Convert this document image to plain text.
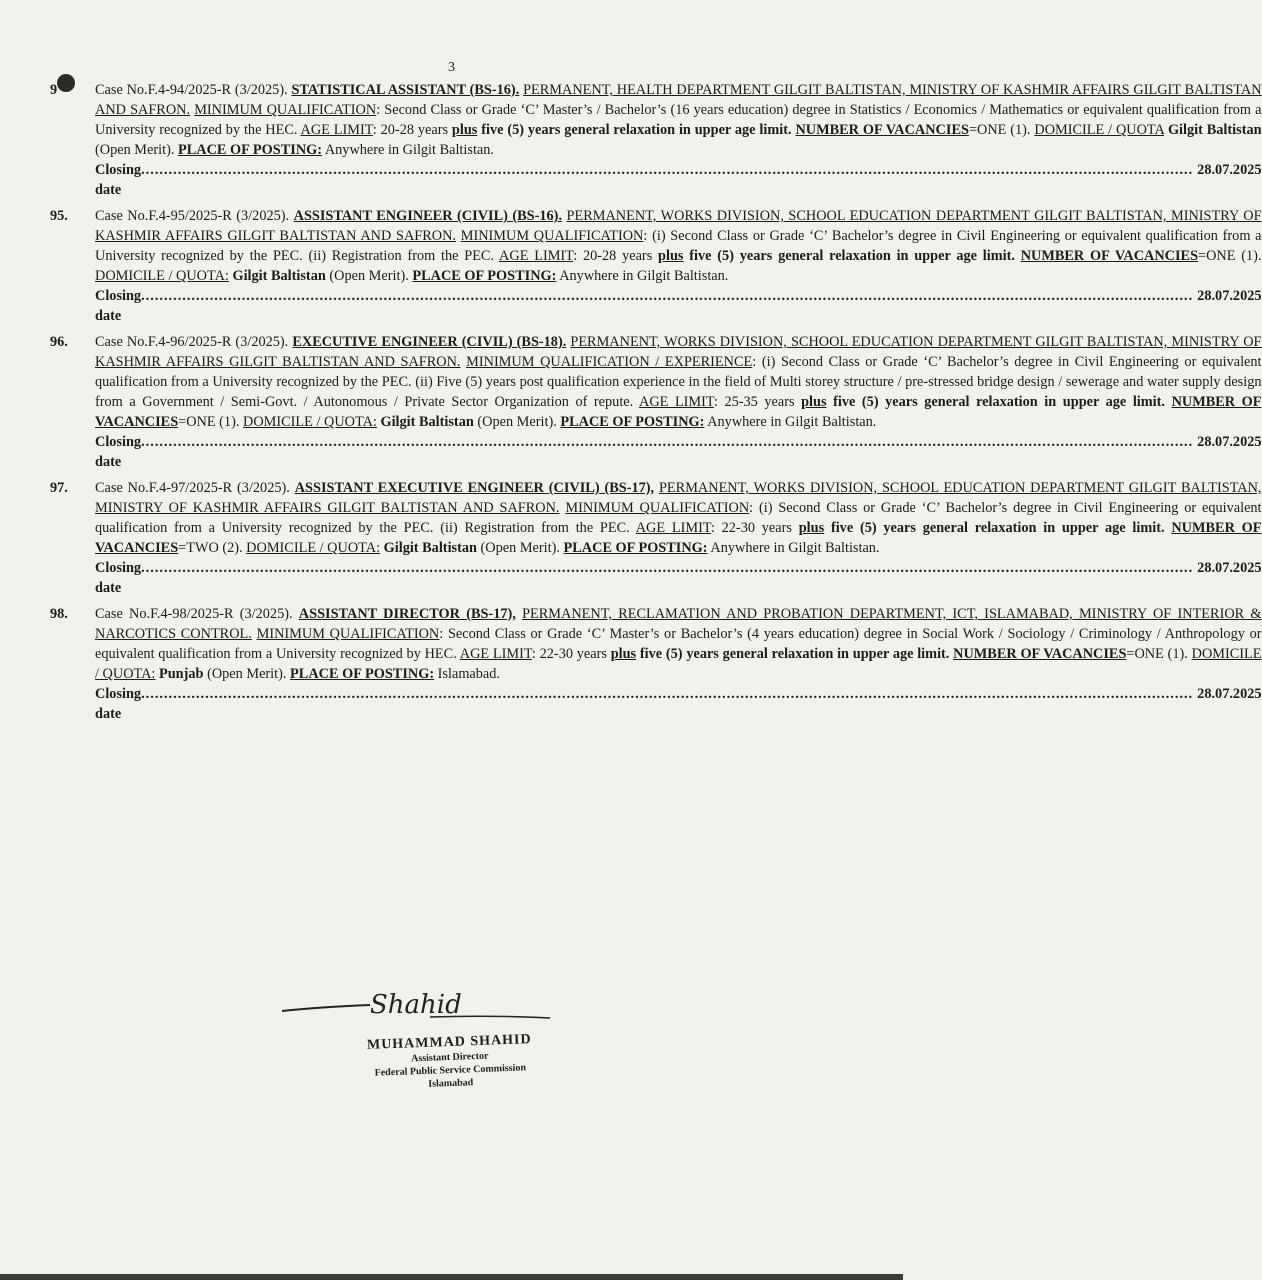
3
9	Case No.F.4-94/2025-R (3/2025). STATISTICAL ASSISTANT (BS-16). PERMANENT, HEALTH DEPARTMENT GILGIT BALTISTAN, MINISTRY OF KASHMIR AFFAIRS GILGIT BALTISTAN AND SAFRON. MINIMUM QUALIFICATION: Second Class or Grade ‘C’ Master’s / Bachelor’s (16 years education) degree in Statistics / Economics / Mathematics or equivalent qualification from a University recognized by the HEC. AGE LIMIT: 20-28 years plus five (5) years general relaxation in upper age limit. NUMBER OF VACANCIES=ONE (1). DOMICILE / QUOTA Gilgit Baltistan (Open Merit). PLACE OF POSTING: Anywhere in Gilgit Baltistan.
Closing date
.....
28.07.2025
95.	Case No.F.4-95/2025-R (3/2025). ASSISTANT ENGINEER (CIVIL) (BS-16). PERMANENT, WORKS DIVISION, SCHOOL EDUCATION DEPARTMENT GILGIT BALTISTAN, MINISTRY OF KASHMIR AFFAIRS GILGIT BALTISTAN AND SAFRON. MINIMUM QUALIFICATION: (i) Second Class or Grade ‘C’ Bachelor’s degree in Civil Engineering or equivalent qualification from a University recognized by the PEC. (ii) Registration from the PEC. AGE LIMIT: 20-28 years plus five (5) years general relaxation in upper age limit. NUMBER OF VACANCIES=ONE (1). DOMICILE / QUOTA: Gilgit Baltistan (Open Merit). PLACE OF POSTING: Anywhere in Gilgit Baltistan.
Closing date
.....
28.07.2025
96.	Case No.F.4-96/2025-R (3/2025). EXECUTIVE ENGINEER (CIVIL) (BS-18). PERMANENT, WORKS DIVISION, SCHOOL EDUCATION DEPARTMENT GILGIT BALTISTAN, MINISTRY OF KASHMIR AFFAIRS GILGIT BALTISTAN AND SAFRON. MINIMUM QUALIFICATION / EXPERIENCE: (i) Second Class or Grade ‘C’ Bachelor’s degree in Civil Engineering or equivalent qualification from a University recognized by the PEC. (ii) Five (5) years post qualification experience in the field of Multi storey structure / pre-stressed bridge design / sewerage and water supply design from a Government / Semi-Govt. / Autonomous / Private Sector Organization of repute. AGE LIMIT: 25-35 years plus five (5) years general relaxation in upper age limit. NUMBER OF VACANCIES=ONE (1). DOMICILE / QUOTA: Gilgit Baltistan (Open Merit). PLACE OF POSTING: Anywhere in Gilgit Baltistan.
Closing date
.....
28.07.2025
97.	Case No.F.4-97/2025-R (3/2025). ASSISTANT EXECUTIVE ENGINEER (CIVIL) (BS-17), PERMANENT, WORKS DIVISION, SCHOOL EDUCATION DEPARTMENT GILGIT BALTISTAN, MINISTRY OF KASHMIR AFFAIRS GILGIT BALTISTAN AND SAFRON. MINIMUM QUALIFICATION: (i) Second Class or Grade ‘C’ Bachelor’s degree in Civil Engineering or equivalent qualification from a University recognized by the PEC. (ii) Registration from the PEC. AGE LIMIT: 22-30 years plus five (5) years general relaxation in upper age limit. NUMBER OF VACANCIES=TWO (2). DOMICILE / QUOTA: Gilgit Baltistan (Open Merit). PLACE OF POSTING: Anywhere in Gilgit Baltistan.
Closing date
.....
28.07.2025
98.	Case No.F.4-98/2025-R (3/2025). ASSISTANT DIRECTOR (BS-17), PERMANENT, RECLAMATION AND PROBATION DEPARTMENT, ICT, ISLAMABAD, MINISTRY OF INTERIOR & NARCOTICS CONTROL. MINIMUM QUALIFICATION: Second Class or Grade ‘C’ Master’s or Bachelor’s (4 years education) degree in Social Work / Sociology / Criminology / Anthropology or equivalent qualification from a University recognized by HEC. AGE LIMIT: 22-30 years plus five (5) years general relaxation in upper age limit. NUMBER OF VACANCIES=ONE (1). DOMICILE / QUOTA: Punjab (Open Merit). PLACE OF POSTING: Islamabad.
Closing date
.....
28.07.2025
Shahid
MUHAMMAD SHAHID
Assistant Director
Federal Public Service Commission
Islamabad
